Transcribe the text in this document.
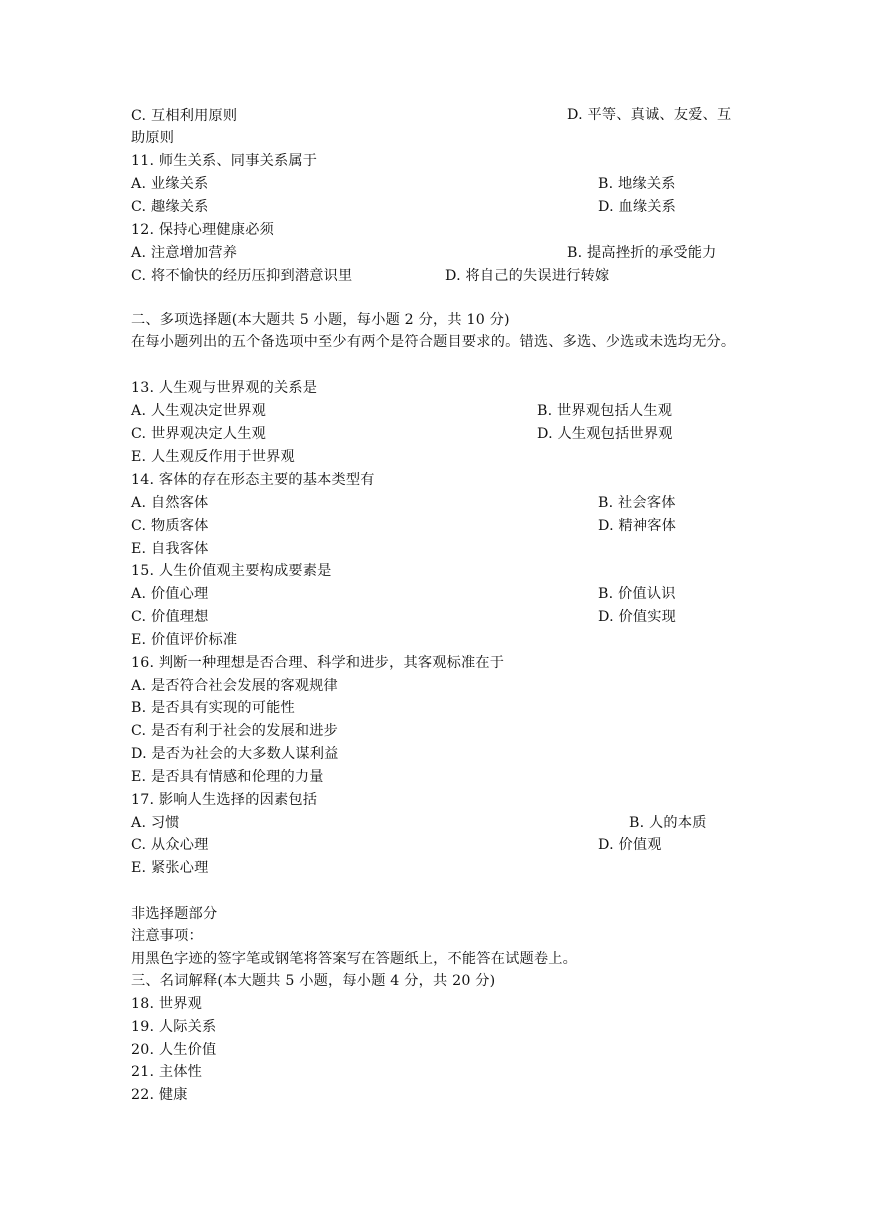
C. 互相利用原则	D. 平等、真诚、友爱、互助原则
11. 师生关系、同事关系属于
A. 业缘关系	B. 地缘关系
C. 趣缘关系	D. 血缘关系
12. 保持心理健康必须
A. 注意增加营养	B. 提高挫折的承受能力
C. 将不愉快的经历压抑到潜意识里	D. 将自己的失误进行转嫁
二、多项选择题(本大题共 5 小题，每小题 2 分，共 10 分)
在每小题列出的五个备选项中至少有两个是符合题目要求的。错选、多选、少选或未选均无分。
13. 人生观与世界观的关系是
A. 人生观决定世界观	B. 世界观包括人生观
C. 世界观决定人生观	D. 人生观包括世界观
E. 人生观反作用于世界观
14. 客体的存在形态主要的基本类型有
A. 自然客体	B. 社会客体
C. 物质客体	D. 精神客体
E. 自我客体
15. 人生价值观主要构成要素是
A. 价值心理	B. 价值认识
C. 价值理想	D. 价值实现
E. 价值评价标准
16. 判断一种理想是否合理、科学和进步，其客观标准在于
A. 是否符合社会发展的客观规律
B. 是否具有实现的可能性
C. 是否有利于社会的发展和进步
D. 是否为社会的大多数人谋利益
E. 是否具有情感和伦理的力量
17. 影响人生选择的因素包括
A. 习惯	B. 人的本质
C. 从众心理	D. 价值观
E. 紧张心理
非选择题部分
注意事项：
用黑色字迹的签字笔或钢笔将答案写在答题纸上，不能答在试题卷上。
三、名词解释(本大题共 5 小题，每小题 4 分，共 20 分)
18. 世界观
19. 人际关系
20. 人生价值
21. 主体性
22. 健康
